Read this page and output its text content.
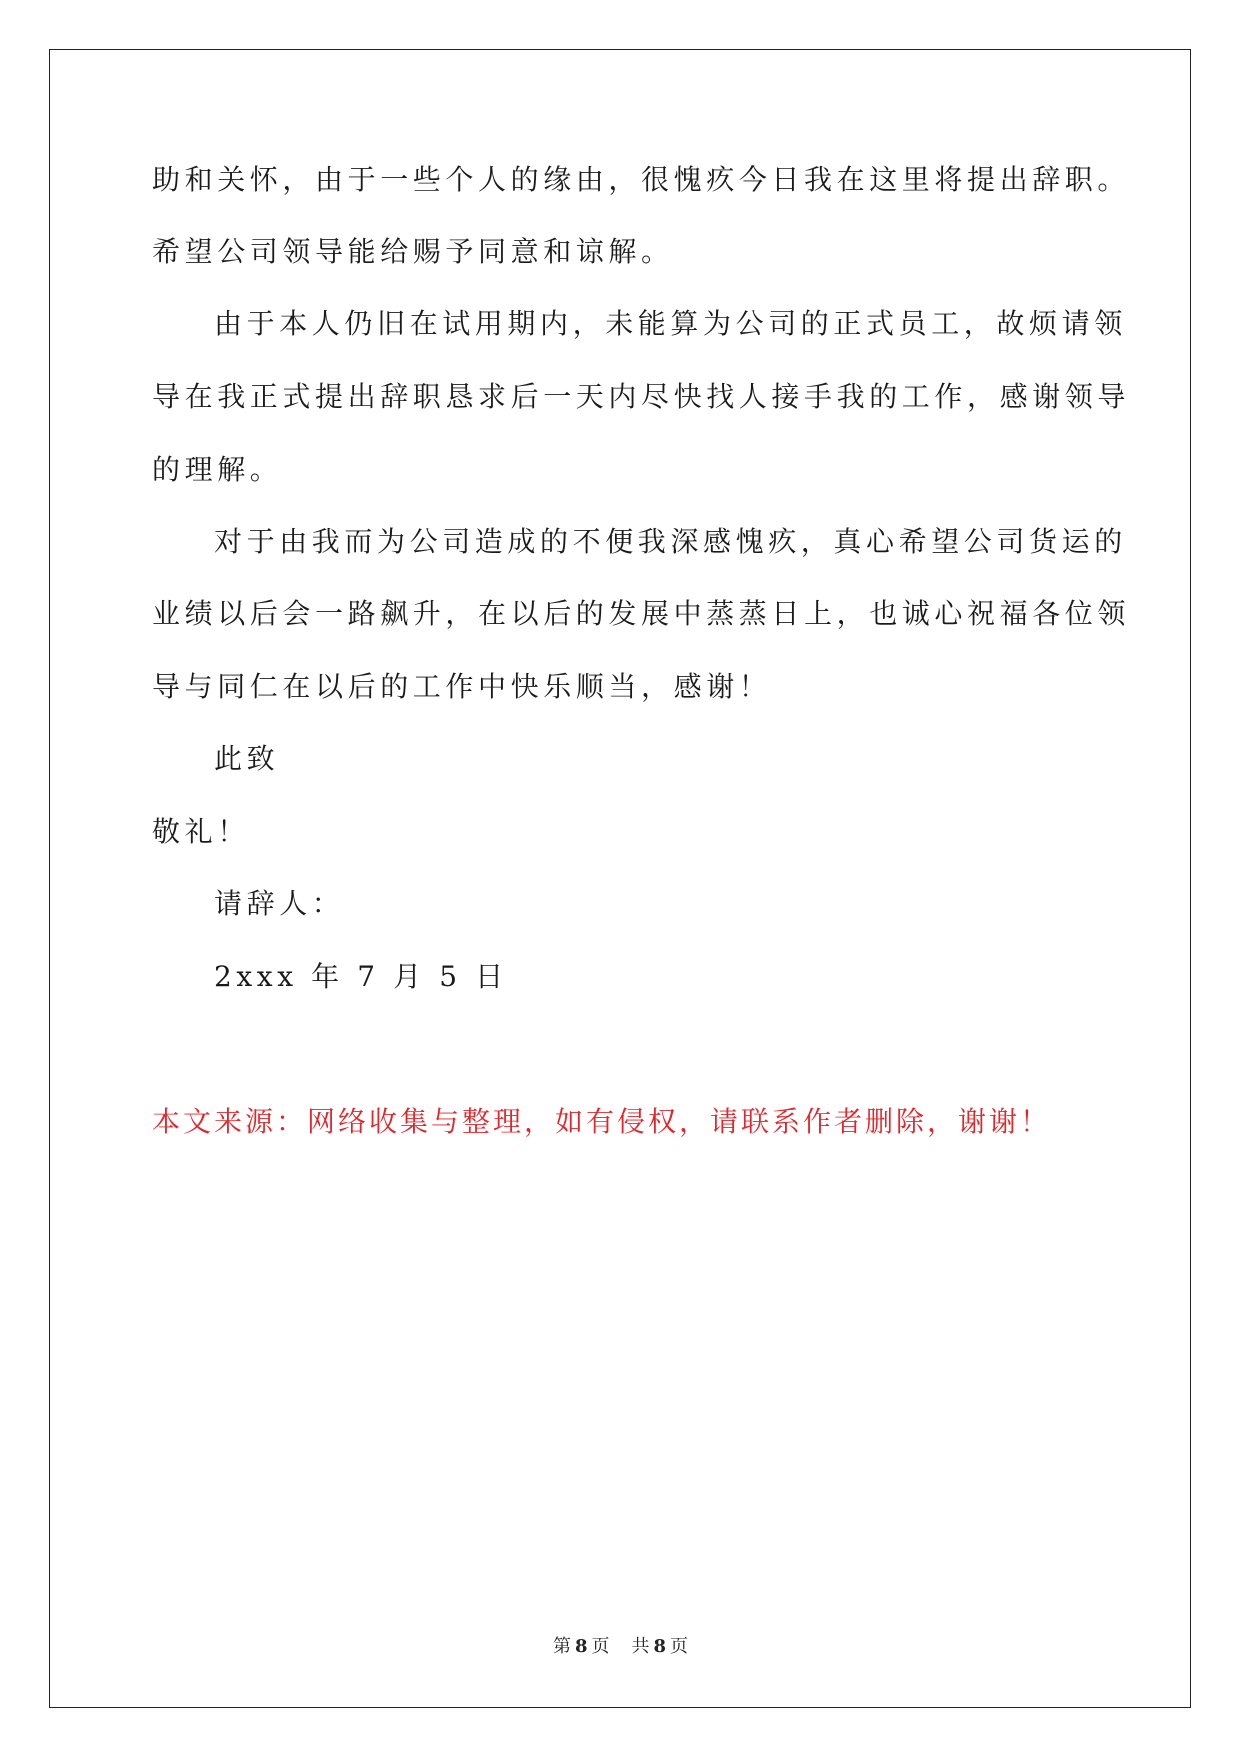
助和关怀，由于一些个人的缘由，很愧疚今日我在这里将提出辞职。
希望公司领导能给赐予同意和谅解。
由于本人仍旧在试用期内，未能算为公司的正式员工，故烦请领
导在我正式提出辞职恳求后一天内尽快找人接手我的工作，感谢领导
的理解。
对于由我而为公司造成的不便我深感愧疚，真心希望公司货运的
业绩以后会一路飙升，在以后的发展中蒸蒸日上，也诚心祝福各位领
导与同仁在以后的工作中快乐顺当，感谢！
此致
敬礼！
请辞人：
2xxx 年 7 月 5 日
本文来源：网络收集与整理，如有侵权，请联系作者删除，谢谢！
第 8 页 共 8 页
